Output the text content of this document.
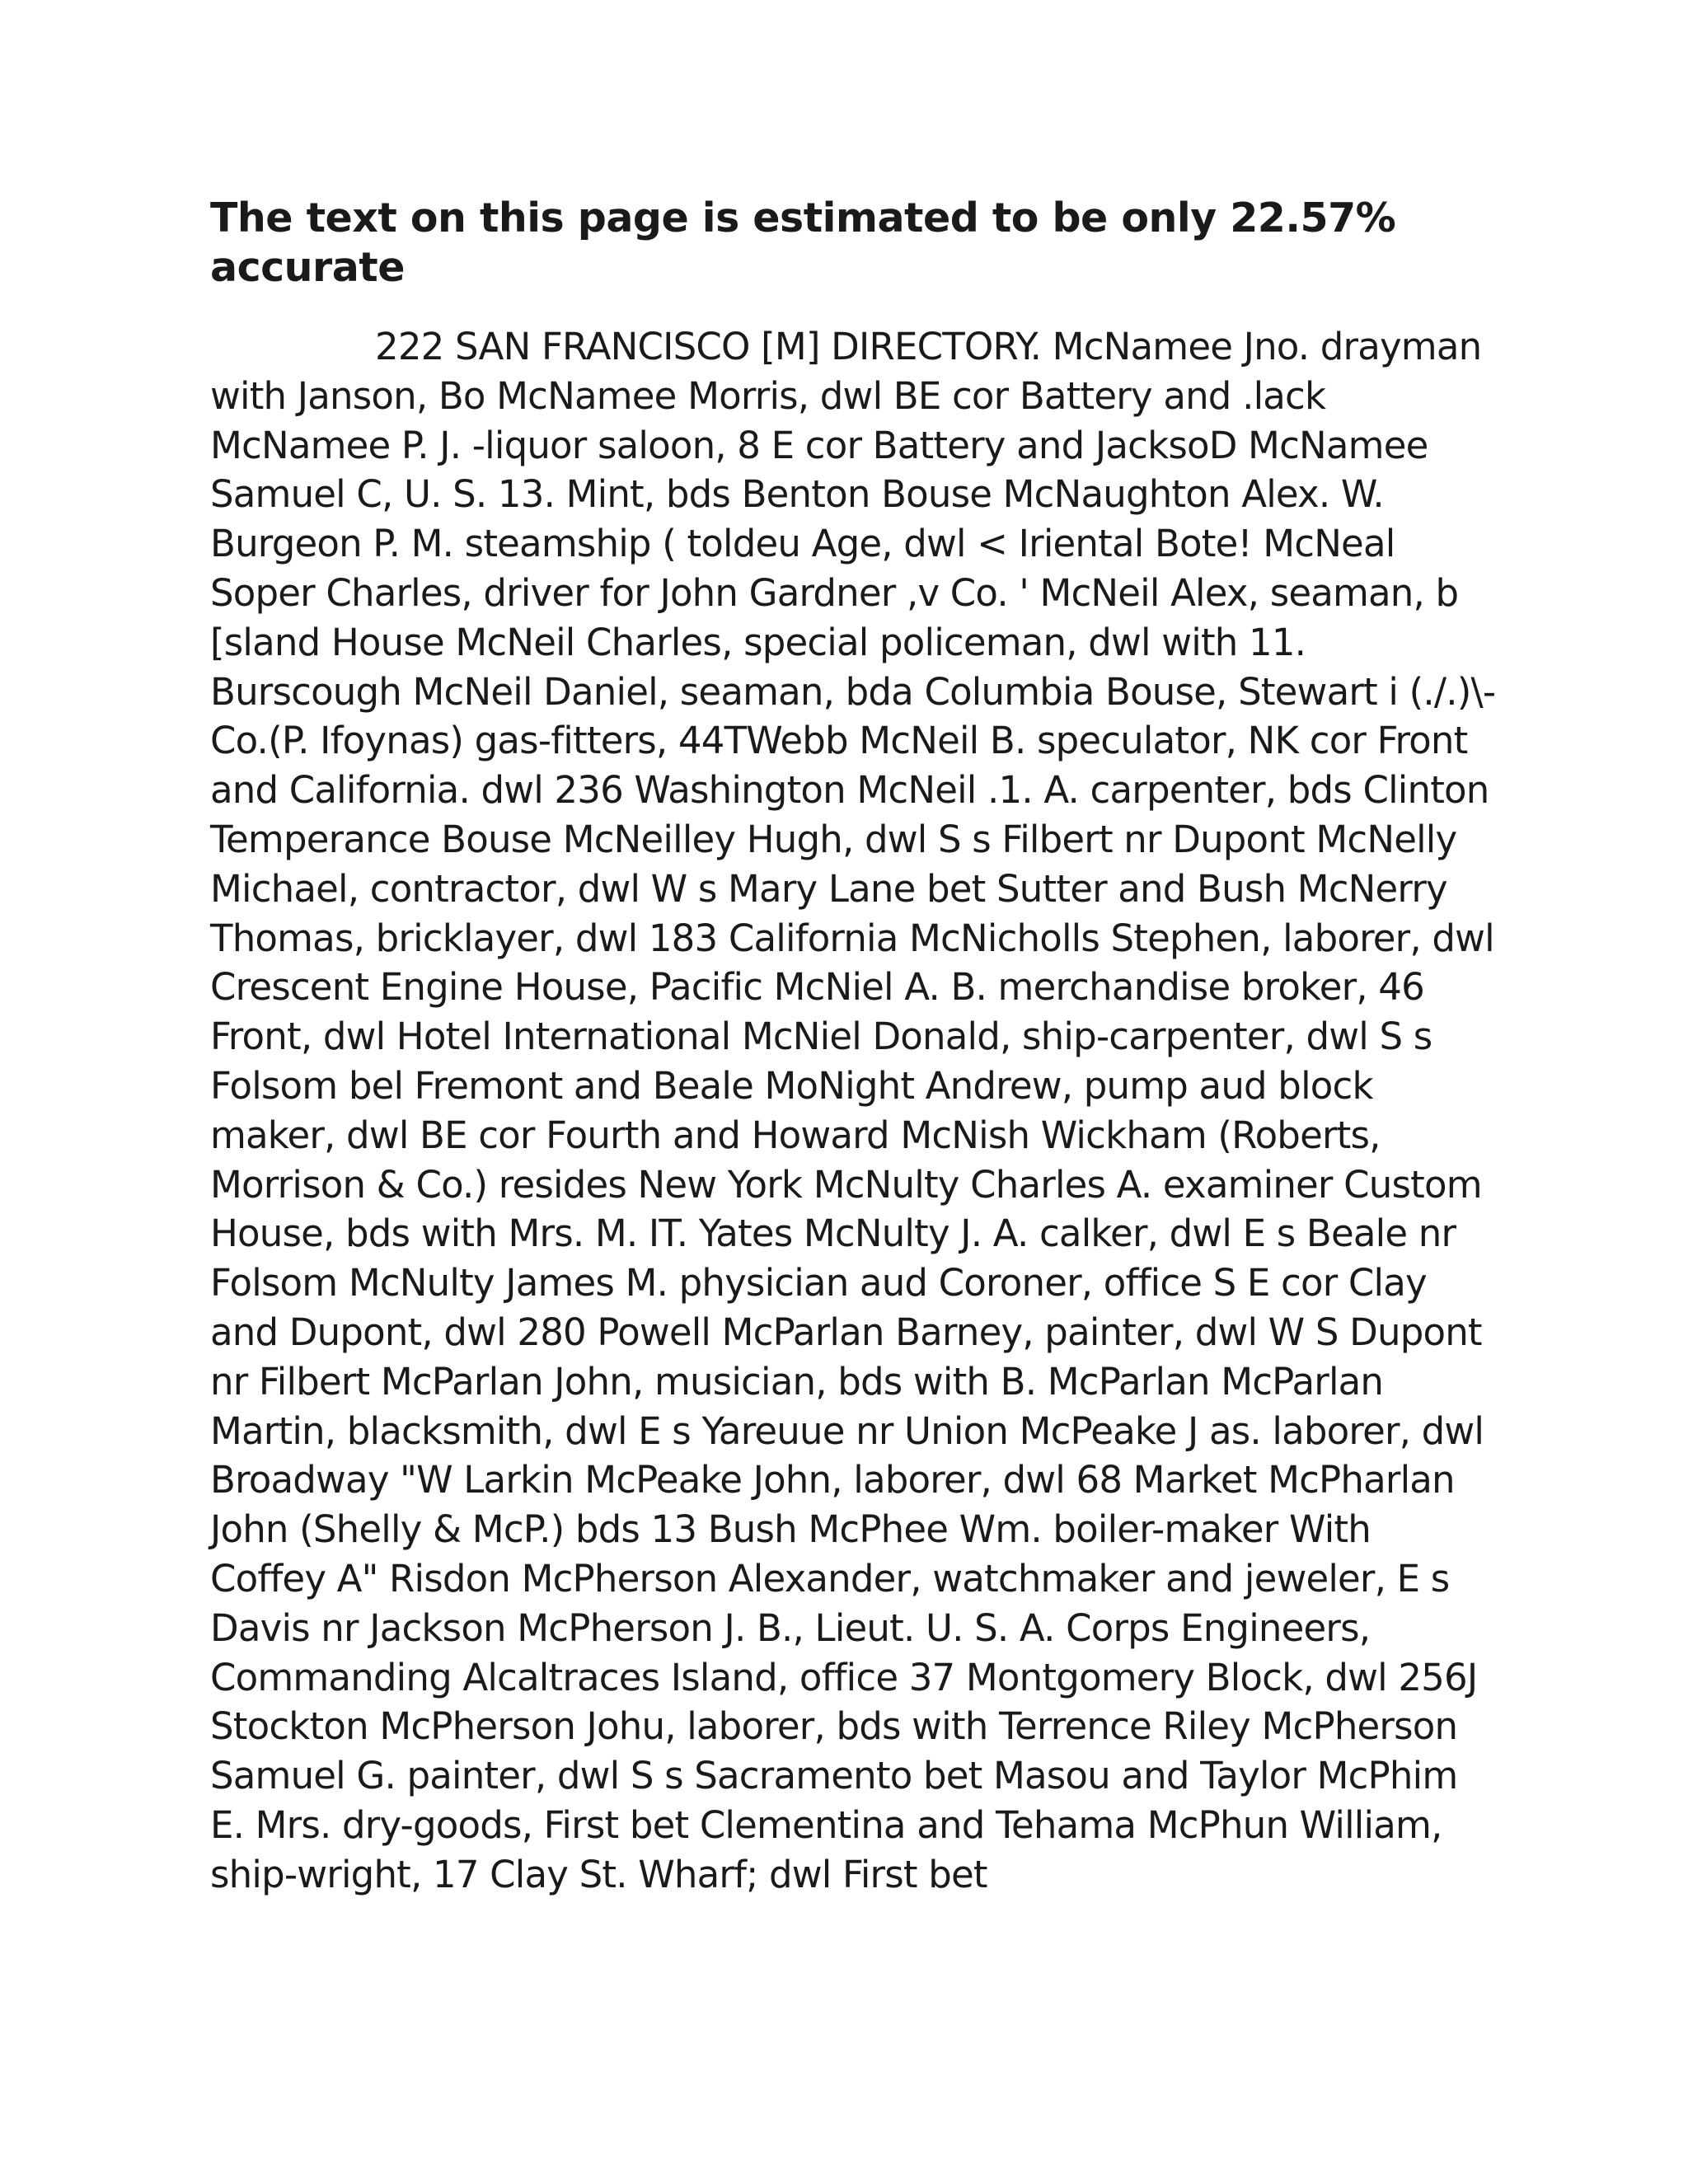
The text on this page is estimated to be only 22.57% accurate

222 SAN FRANCISCO [M] DIRECTORY. McNamee Jno. drayman with Janson, Bo McNamee Morris, dwl BE cor Battery and .lack McNamee P. J. -liquor saloon, 8 E cor Battery and JacksoD McNamee Samuel C, U. S. 13. Mint, bds Benton Bouse McNaughton Alex. W. Burgeon P. M. steamship ( toldeu Age, dwl < Iriental Bote! McNeal Soper Charles, driver for John Gardner ,v Co. ' McNeil Alex, seaman, b [sland House McNeil Charles, special policeman, dwl with 11. Burscough McNeil Daniel, seaman, bda Columbia Bouse, Stewart i (./.)\- Co.(P. Ifoynas) gas-fitters, 44TWebb McNeil B. speculator, NK cor Front and California. dwl 236 Washington McNeil .1. A. carpenter, bds Clinton Temperance Bouse McNeilley Hugh, dwl S s Filbert nr Dupont McNelly Michael, contractor, dwl W s Mary Lane bet Sutter and Bush McNerry Thomas, bricklayer, dwl 183 California McNicholls Stephen, laborer, dwl Crescent Engine House, Pacific McNiel A. B. merchandise broker, 46 Front, dwl Hotel International McNiel Donald, ship-carpenter, dwl S s Folsom bel Fremont and Beale MoNight Andrew, pump aud block maker, dwl BE cor Fourth and Howard McNish Wickham (Roberts, Morrison & Co.) resides New York McNulty Charles A. examiner Custom House, bds with Mrs. M. IT. Yates McNulty J. A. calker, dwl E s Beale nr Folsom McNulty James M. physician aud Coroner, office S E cor Clay and Dupont, dwl 280 Powell McParlan Barney, painter, dwl W S Dupont nr Filbert McParlan John, musician, bds with B. McParlan McParlan Martin, blacksmith, dwl E s Yareuue nr Union McPeake J as. laborer, dwl Broadway "W Larkin McPeake John, laborer, dwl 68 Market McPharlan John (Shelly & McP.) bds 13 Bush McPhee Wm. boiler-maker With Coffey A" Risdon McPherson Alexander, watchmaker and jeweler, E s Davis nr Jackson McPherson J. B., Lieut. U. S. A. Corps Engineers, Commanding Alcaltraces Island, office 37 Montgomery Block, dwl 256J Stockton McPherson Johu, laborer, bds with Terrence Riley McPherson Samuel G. painter, dwl S s Sacramento bet Masou and Taylor McPhim E. Mrs. dry-goods, First bet Clementina and Tehama McPhun William, ship-wright, 17 Clay St. Wharf; dwl First bet
